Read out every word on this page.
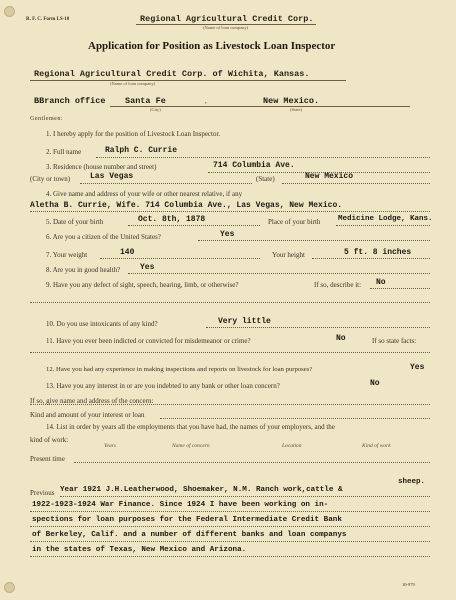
R. F. C. Form LS-10	Regional Agricultural Credit Corp.
(Name of loan company)
Application for Position as Livestock Loan Inspector
Regional Agricultural Credit Corp. of Wichita, Kansas.
(Name of loan company)
BBranch office Santa Fe	,	New Mexico.
(City)	(State)
Gentlemen:
1. I hereby apply for the position of Livestock Loan Inspector.
2. Full name	Ralph C. Currie
3. Residence (house number and street)	714 Columbia Ave.
(City or town) Las Vegas	(State)	New Mexico
4. Give name and address of your wife or other nearest relative, if any
Aletha B. Currie, Wife. 714 Columbia Ave., Las Vegas, New Mexico.
5. Date of your birth	Oct. 8th, 1878	Place of your birth Medicine Lodge, Kans.
6. Are you a citizen of the United States?	Yes
7. Your weight	140	Your height	5 ft. 8 inches
8. Are you in good health? Yes
9. Have you any defect of sight, speech, hearing, limb, or otherwise?	If so, describe it: No
10. Do you use intoxicants of any kind?	Very little
11. Have you ever been indicted or convicted for misdemeanor or crime?	No	If so state facts:
12. Have you had any experience in making inspections and reports on livestock for loan purposes?	Yes
13. Have you any interest in or are you indebted to any bank or other loan concern?	No
If so, give name and address of the concern:
Kind and amount of your interest or loan
14. List in order by years all the employments that you have had, the names of your employers, and the
kind of work:
Years	Name of concern	Location	Kind of work
Present time
sheep.
Previous Year 1921 J.H.Leatherwood, Shoemaker, N.M. Ranch work,cattle &
1922-1923-1924 War Finance. Since 1924 I have been working on in-
spections for loan purposes for the Federal Intermediate Credit Bank
of Berkeley, Calif. and a number of different banks and loan companys
in the states of Texas, New Mexico and Arizona.
10-979
